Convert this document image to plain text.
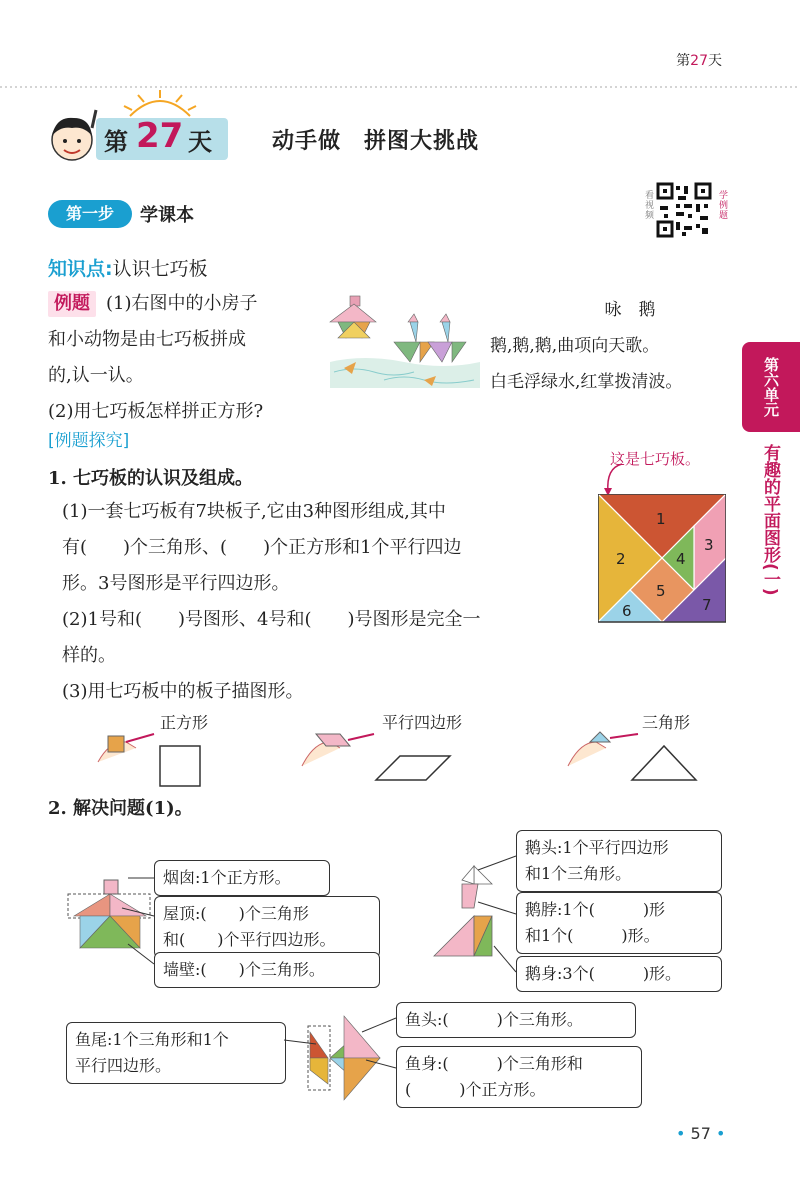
第27天
第 27 天	动手做　拼图大挑战
第一步	学课本	看视频	学例题
第六单元
有趣的平面图形(一)
知识点:认识七巧板
例题 (1)右图中的小房子
和小动物是由七巧板拼成
的,认一认。
(2)用七巧板怎样拼正方形?
咏　鹅
鹅,鹅,鹅,曲项向天歌。
白毛浮绿水,红掌拨清波。
[例题探究]
1. 七巧板的认识及组成。
这是七巧板。
(1)一套七巧板有7块板子,它由3种图形组成,其中
有(　　)个三角形、(　　)个正方形和1个平行四边
形。3号图形是平行四边形。
(2)1号和(　　)号图形、4号和(　　)号图形是完全一
样的。
(3)用七巧板中的板子描图形。
1
2
3
4
5
6	7
正方形	平行四边形	三角形
2. 解决问题(1)。
烟囱:1个正方形。
屋顶:(　　)个三角形
和(　　)个平行四边形。
墙壁:(　　)个三角形。
鹅头:1个平行四边形
和1个三角形。
鹅脖:1个(　　　)形
和1个(　　　)形。
鹅身:3个(　　　)形。
鱼尾:1个三角形和1个
平行四边形。
鱼头:(　　　)个三角形。
鱼身:(　　　)个三角形和
(　　　)个正方形。
• 57 •
